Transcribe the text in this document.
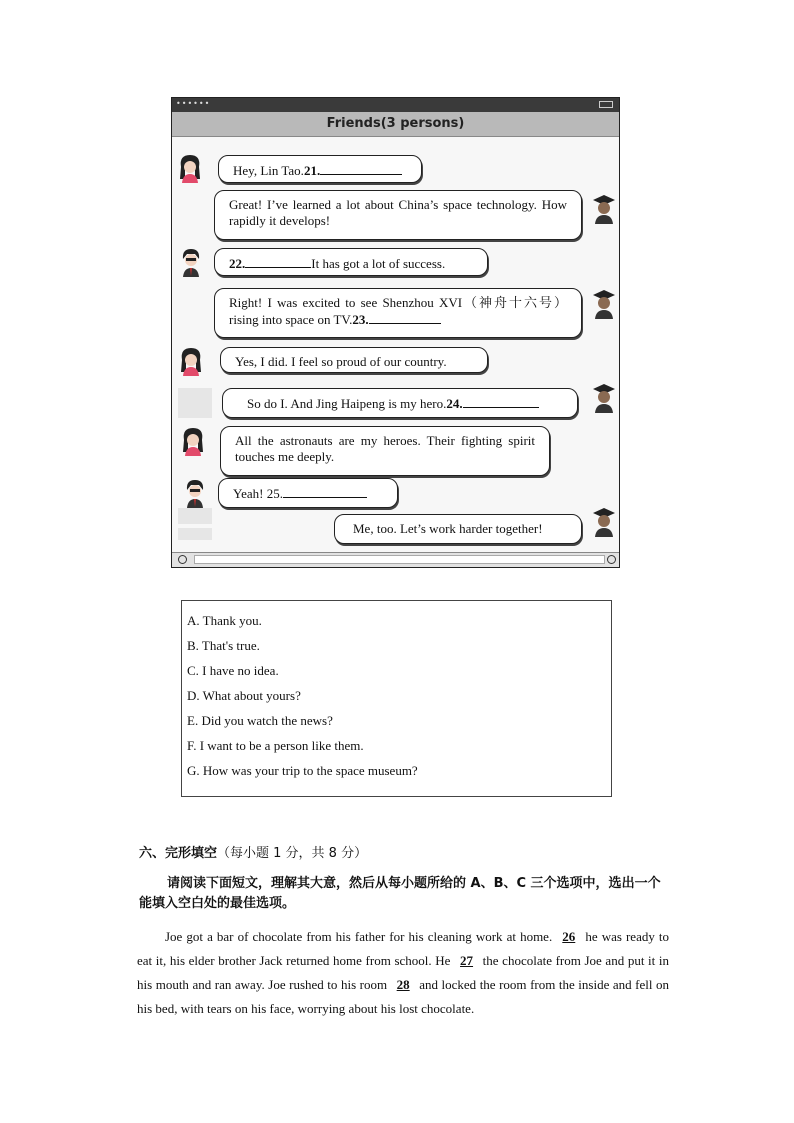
••••••
Friends(3 persons)
Hey, Lin Tao.21.
Great! I’ve learned a lot about China’s space technology. How rapidly it develops!
22.	It has got a lot of success.
Right! I was excited to see Shenzhou XVI（神舟十六号）rising into space on TV.23.
Yes, I did. I feel so proud of our country.
So do I. And Jing Haipeng is my hero.24.
All the astronauts are my heroes. Their fighting spirit touches me deeply.
Yeah! 25.
Me, too. Let’s work harder together!
A. Thank you.
B. That's true.
C. I have no idea.
D. What about yours?
E. Did you watch the news?
F. I want to be a person like them.
G. How was your trip to the space museum?
六、完形填空（每小题 1 分，共 8 分）
请阅读下面短文，理解其大意，然后从每小题所给的 A、B、C 三个选项中，选出一个能填入空白处的最佳选项。
Joe got a bar of chocolate from his father for his cleaning work at home. 26 he was ready to eat it, his elder brother Jack returned home from school. He 27 the chocolate from Joe and put it in his mouth and ran away. Joe rushed to his room 28 and locked the room from the inside and fell on his bed, with tears on his face, worrying about his lost chocolate.
